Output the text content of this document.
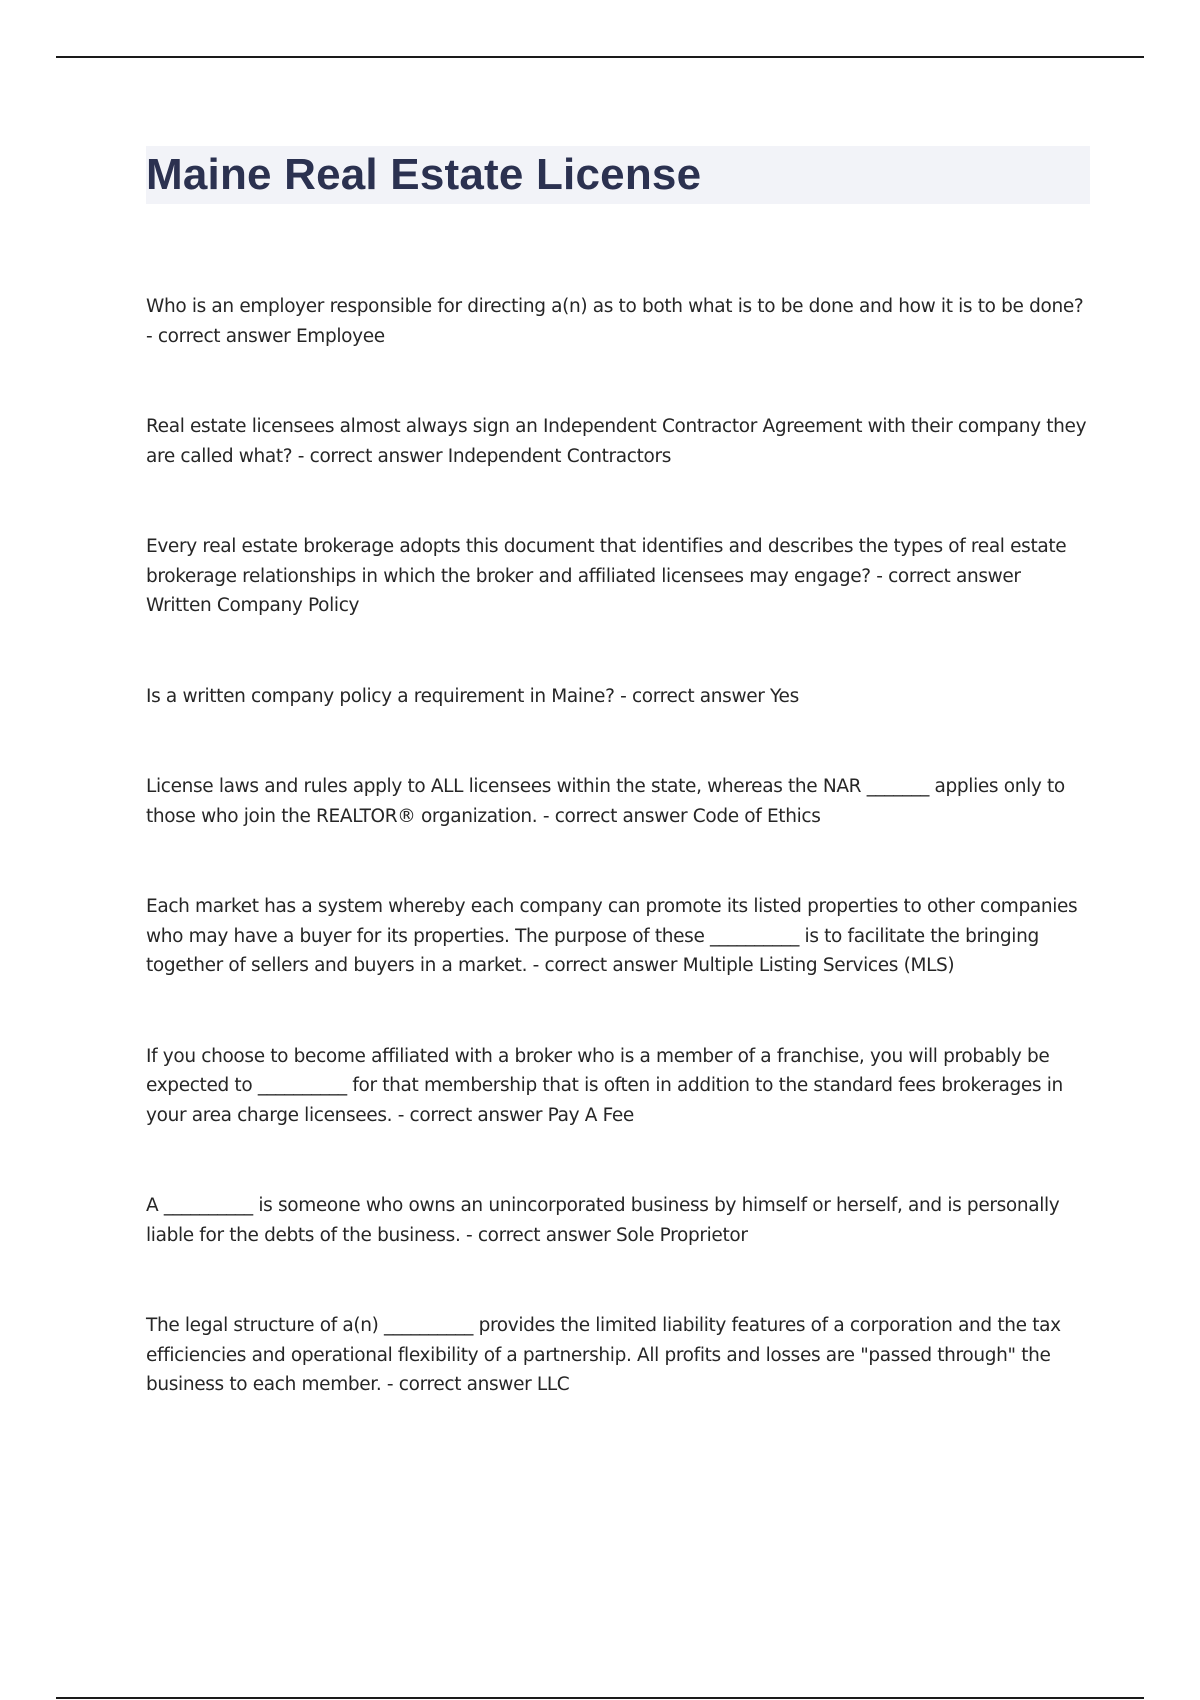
Maine Real Estate License

Who is an employer responsible for directing a(n) as to both what is to be done and how it is to be done? - correct answer Employee

Real estate licensees almost always sign an Independent Contractor Agreement with their company they are called what? - correct answer Independent Contractors

Every real estate brokerage adopts this document that identifies and describes the types of real estate brokerage relationships in which the broker and affiliated licensees may engage? - correct answer Written Company Policy

Is a written company policy a requirement in Maine? - correct answer Yes

License laws and rules apply to ALL licensees within the state, whereas the NAR _______ applies only to those who join the REALTOR® organization. - correct answer Code of Ethics

Each market has a system whereby each company can promote its listed properties to other companies who may have a buyer for its properties. The purpose of these __________ is to facilitate the bringing together of sellers and buyers in a market. - correct answer Multiple Listing Services (MLS)

If you choose to become affiliated with a broker who is a member of a franchise, you will probably be expected to __________ for that membership that is often in addition to the standard fees brokerages in your area charge licensees. - correct answer Pay A Fee

A __________ is someone who owns an unincorporated business by himself or herself, and is personally liable for the debts of the business. - correct answer Sole Proprietor

The legal structure of a(n) __________ provides the limited liability features of a corporation and the tax efficiencies and operational flexibility of a partnership. All profits and losses are "passed through" the business to each member. - correct answer LLC
